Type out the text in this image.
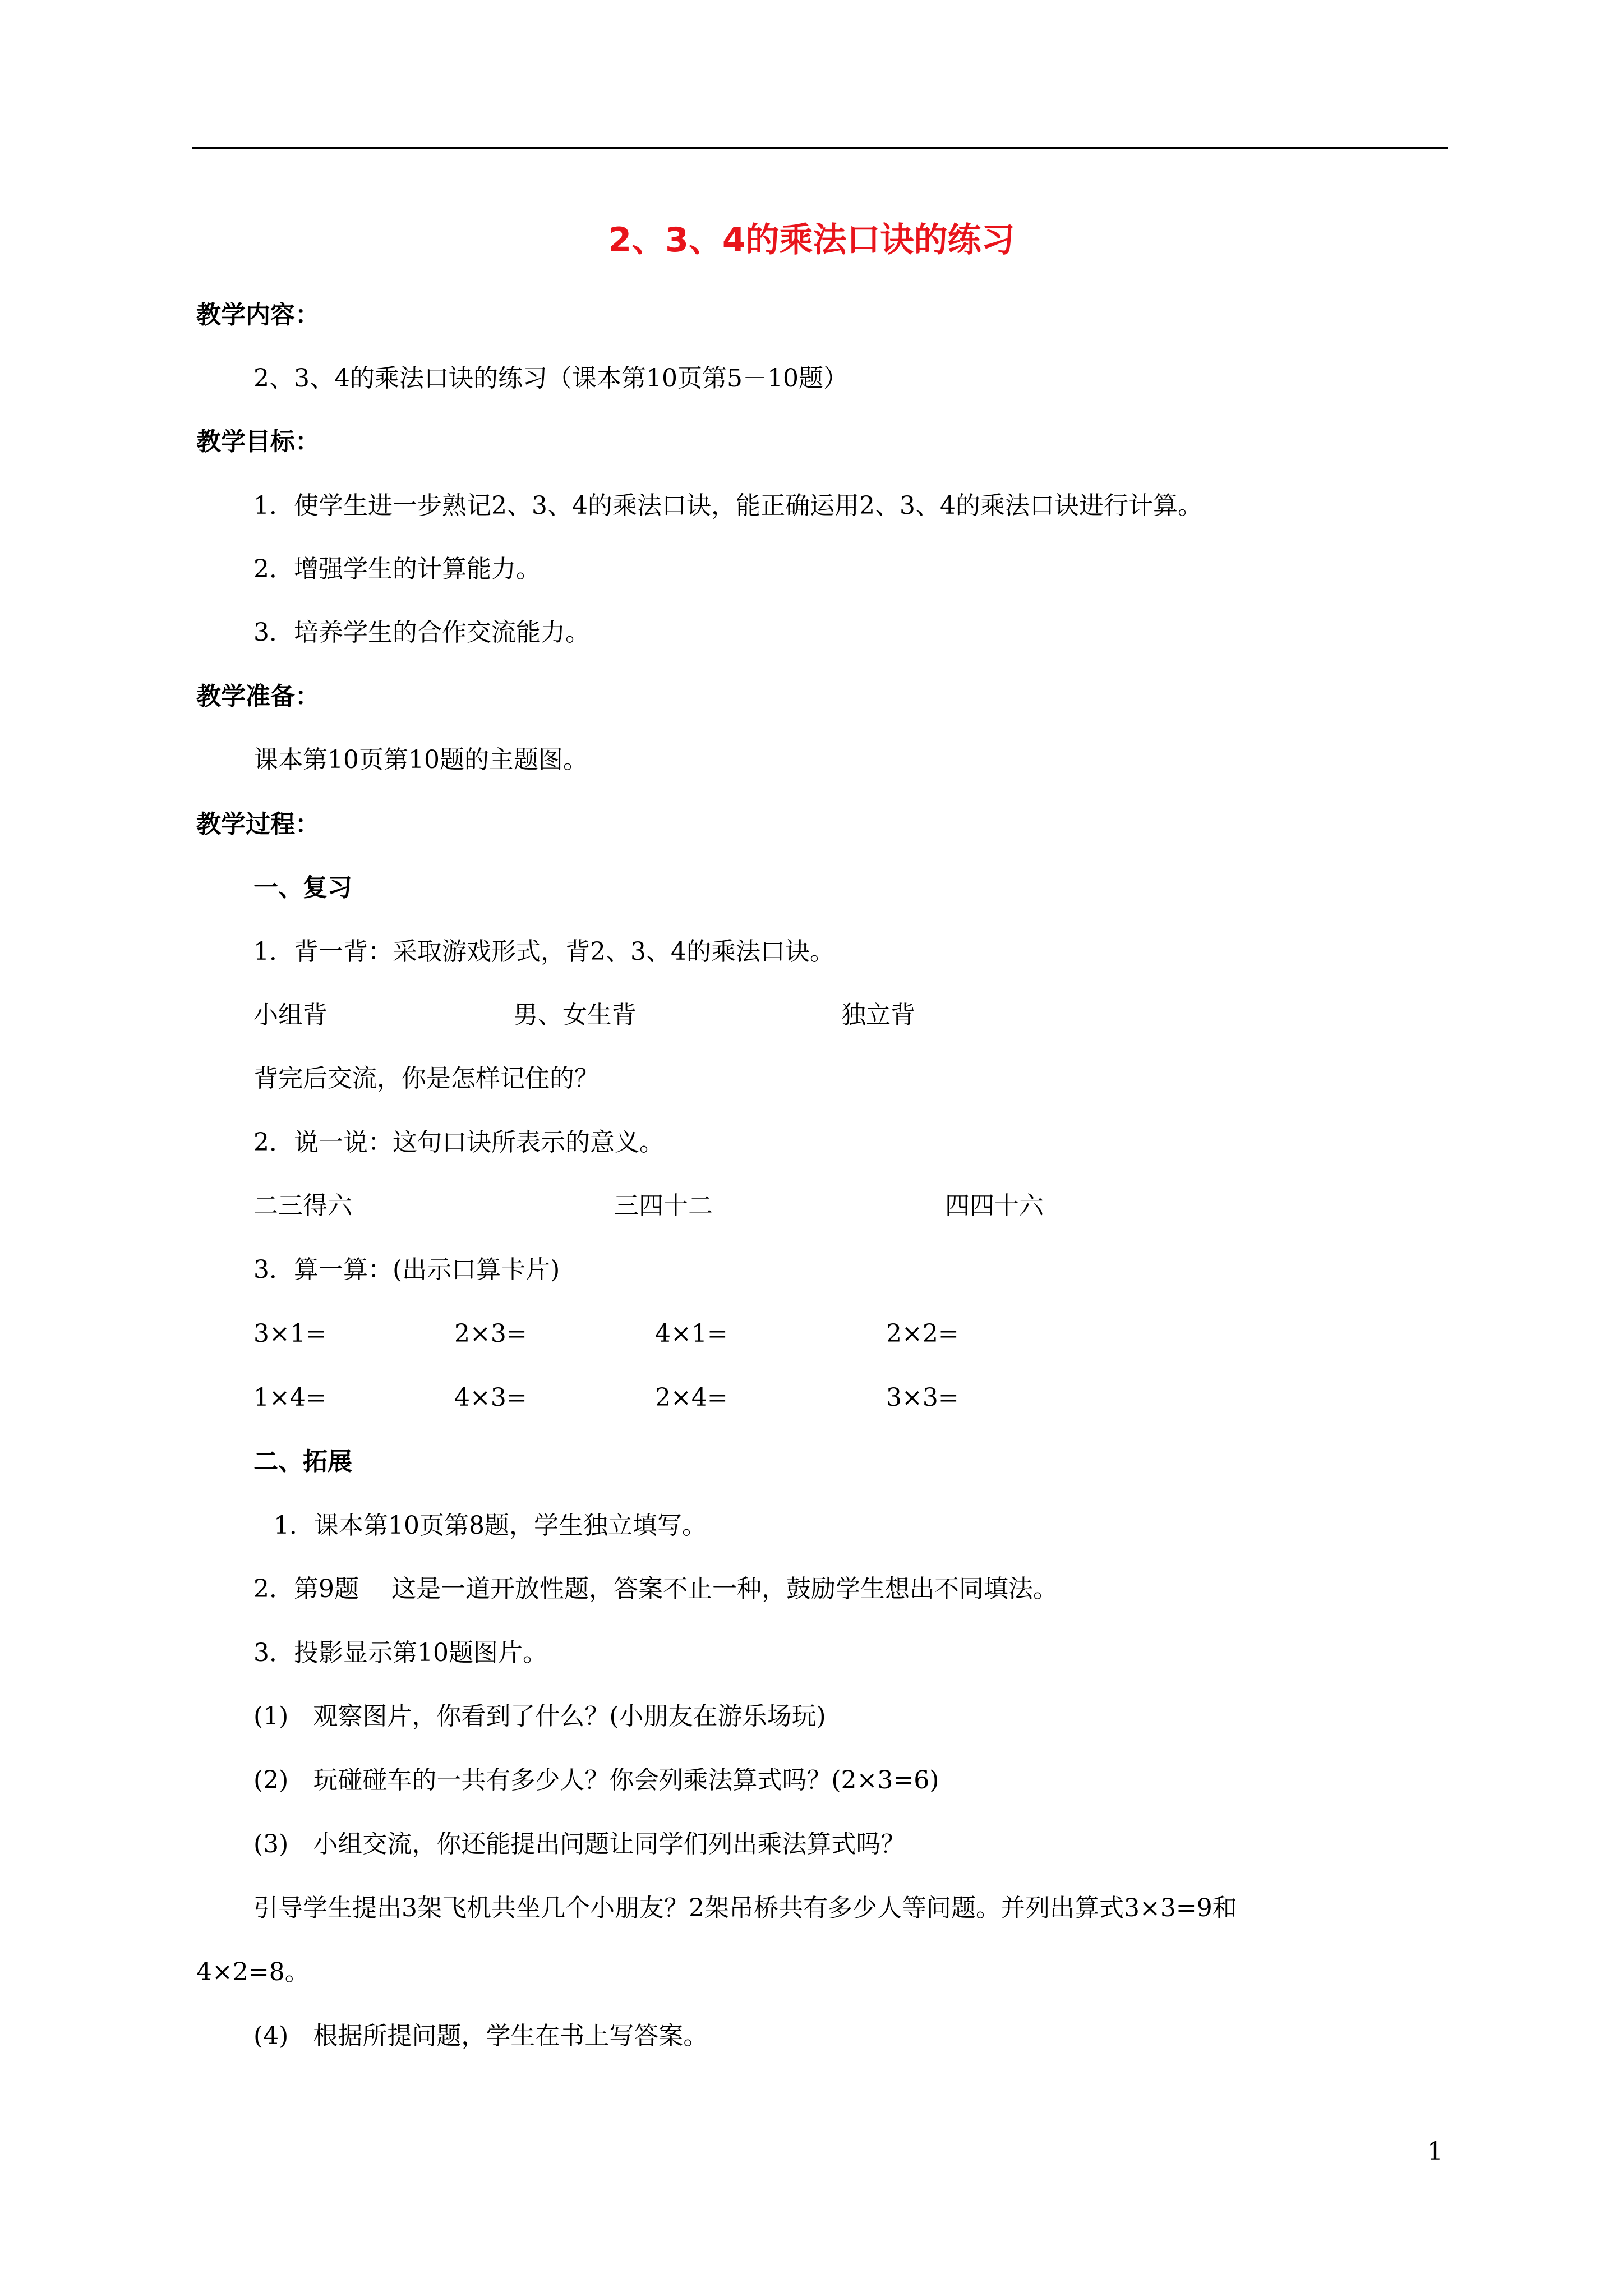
2、3、4的乘法口诀的练习
教学内容：
2、3、4的乘法口诀的练习（课本第10页第5－10题）
教学目标：
1．使学生进一步熟记2、3、4的乘法口诀，能正确运用2、3、4的乘法口诀进行计算。
2．增强学生的计算能力。
3．培养学生的合作交流能力。
教学准备：
课本第10页第10题的主题图。
教学过程：
一、复习
1．背一背：采取游戏形式，背2、3、4的乘法口诀。
小组背	男、女生背	独立背
背完后交流，你是怎样记住的？
2．说一说：这句口诀所表示的意义。
二三得六	三四十二	四四十六
3．算一算：(出示口算卡片)
3×1=	2×3=	4×1=	2×2=
1×4=	4×3=	2×4=	3×3=
二、拓展
1．课本第10页第8题，学生独立填写。
2．第9题　 这是一道开放性题，答案不止一种，鼓励学生想出不同填法。
3．投影显示第10题图片。
(1)　观察图片，你看到了什么？(小朋友在游乐场玩)
(2)　玩碰碰车的一共有多少人？你会列乘法算式吗？(2×3=6)
(3)　小组交流，你还能提出问题让同学们列出乘法算式吗？
引导学生提出3架飞机共坐几个小朋友？2架吊桥共有多少人等问题。并列出算式3×3=9和
4×2=8。
(4)　根据所提问题，学生在书上写答案。
1
